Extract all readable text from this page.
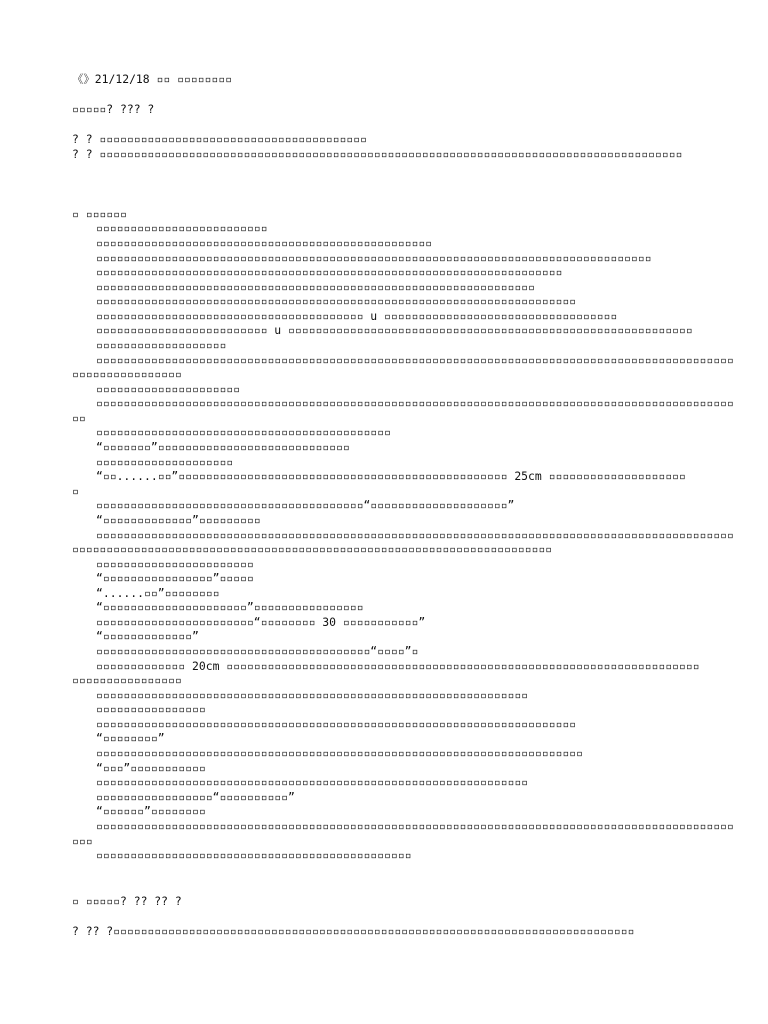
《》21/12/18 ▫▫ ▫▫▫▫▫▫▫▫
▫▫▫▫▫? ??? ?
? ? ▫▫▫▫▫▫▫▫▫▫▫▫▫▫▫▫▫▫▫▫▫▫▫▫▫▫▫▫▫▫▫▫▫▫▫▫▫▫▫
? ? ▫▫▫▫▫▫▫▫▫▫▫▫▫▫▫▫▫▫▫▫▫▫▫▫▫▫▫▫▫▫▫▫▫▫▫▫▫▫▫▫▫▫▫▫▫▫▫▫▫▫▫▫▫▫▫▫▫▫▫▫▫▫▫▫▫▫▫▫▫▫▫▫▫▫▫▫▫▫▫▫▫▫▫▫▫
▫ ▫▫▫▫▫▫
▫▫▫▫▫▫▫▫▫▫▫▫▫▫▫▫▫▫▫▫▫▫▫▫▫
▫▫▫▫▫▫▫▫▫▫▫▫▫▫▫▫▫▫▫▫▫▫▫▫▫▫▫▫▫▫▫▫▫▫▫▫▫▫▫▫▫▫▫▫▫▫▫▫▫
▫▫▫▫▫▫▫▫▫▫▫▫▫▫▫▫▫▫▫▫▫▫▫▫▫▫▫▫▫▫▫▫▫▫▫▫▫▫▫▫▫▫▫▫▫▫▫▫▫▫▫▫▫▫▫▫▫▫▫▫▫▫▫▫▫▫▫▫▫▫▫▫▫▫▫▫▫▫▫▫▫
▫▫▫▫▫▫▫▫▫▫▫▫▫▫▫▫▫▫▫▫▫▫▫▫▫▫▫▫▫▫▫▫▫▫▫▫▫▫▫▫▫▫▫▫▫▫▫▫▫▫▫▫▫▫▫▫▫▫▫▫▫▫▫▫▫▫▫▫
▫▫▫▫▫▫▫▫▫▫▫▫▫▫▫▫▫▫▫▫▫▫▫▫▫▫▫▫▫▫▫▫▫▫▫▫▫▫▫▫▫▫▫▫▫▫▫▫▫▫▫▫▫▫▫▫▫▫▫▫▫▫▫▫
▫▫▫▫▫▫▫▫▫▫▫▫▫▫▫▫▫▫▫▫▫▫▫▫▫▫▫▫▫▫▫▫▫▫▫▫▫▫▫▫▫▫▫▫▫▫▫▫▫▫▫▫▫▫▫▫▫▫▫▫▫▫▫▫▫▫▫▫▫▫
▫▫▫▫▫▫▫▫▫▫▫▫▫▫▫▫▫▫▫▫▫▫▫▫▫▫▫▫▫▫▫▫▫▫▫▫▫▫▫ u ▫▫▫▫▫▫▫▫▫▫▫▫▫▫▫▫▫▫▫▫▫▫▫▫▫▫▫▫▫▫▫▫▫▫
▫▫▫▫▫▫▫▫▫▫▫▫▫▫▫▫▫▫▫▫▫▫▫▫▫ u ▫▫▫▫▫▫▫▫▫▫▫▫▫▫▫▫▫▫▫▫▫▫▫▫▫▫▫▫▫▫▫▫▫▫▫▫▫▫▫▫▫▫▫▫▫▫▫▫▫▫▫▫▫▫▫▫▫▫▫
▫▫▫▫▫▫▫▫▫▫▫▫▫▫▫▫▫▫▫
▫▫▫▫▫▫▫▫▫▫▫▫▫▫▫▫▫▫▫▫▫▫▫▫▫▫▫▫▫▫▫▫▫▫▫▫▫▫▫▫▫▫▫▫▫▫▫▫▫▫▫▫▫▫▫▫▫▫▫▫▫▫▫▫▫▫▫▫▫▫▫▫▫▫▫▫▫▫▫▫▫▫▫▫▫▫▫▫▫▫▫▫▫
▫▫▫▫▫▫▫▫▫▫▫▫▫▫▫▫
▫▫▫▫▫▫▫▫▫▫▫▫▫▫▫▫▫▫▫▫▫
▫▫▫▫▫▫▫▫▫▫▫▫▫▫▫▫▫▫▫▫▫▫▫▫▫▫▫▫▫▫▫▫▫▫▫▫▫▫▫▫▫▫▫▫▫▫▫▫▫▫▫▫▫▫▫▫▫▫▫▫▫▫▫▫▫▫▫▫▫▫▫▫▫▫▫▫▫▫▫▫▫▫▫▫▫▫▫▫▫▫▫▫▫
▫▫
▫▫▫▫▫▫▫▫▫▫▫▫▫▫▫▫▫▫▫▫▫▫▫▫▫▫▫▫▫▫▫▫▫▫▫▫▫▫▫▫▫▫▫
“▫▫▫▫▫▫▫”▫▫▫▫▫▫▫▫▫▫▫▫▫▫▫▫▫▫▫▫▫▫▫▫▫▫▫▫
▫▫▫▫▫▫▫▫▫▫▫▫▫▫▫▫▫▫▫▫
“▫▫......▫▫”▫▫▫▫▫▫▫▫▫▫▫▫▫▫▫▫▫▫▫▫▫▫▫▫▫▫▫▫▫▫▫▫▫▫▫▫▫▫▫▫▫▫▫▫▫▫▫▫ 25cm ▫▫▫▫▫▫▫▫▫▫▫▫▫▫▫▫▫▫▫▫
▫
▫▫▫▫▫▫▫▫▫▫▫▫▫▫▫▫▫▫▫▫▫▫▫▫▫▫▫▫▫▫▫▫▫▫▫▫▫▫▫“▫▫▫▫▫▫▫▫▫▫▫▫▫▫▫▫▫▫▫▫”
“▫▫▫▫▫▫▫▫▫▫▫▫▫”▫▫▫▫▫▫▫▫▫
▫▫▫▫▫▫▫▫▫▫▫▫▫▫▫▫▫▫▫▫▫▫▫▫▫▫▫▫▫▫▫▫▫▫▫▫▫▫▫▫▫▫▫▫▫▫▫▫▫▫▫▫▫▫▫▫▫▫▫▫▫▫▫▫▫▫▫▫▫▫▫▫▫▫▫▫▫▫▫▫▫▫▫▫▫▫▫▫▫▫▫▫▫
▫▫▫▫▫▫▫▫▫▫▫▫▫▫▫▫▫▫▫▫▫▫▫▫▫▫▫▫▫▫▫▫▫▫▫▫▫▫▫▫▫▫▫▫▫▫▫▫▫▫▫▫▫▫▫▫▫▫▫▫▫▫▫▫▫▫▫▫▫▫
▫▫▫▫▫▫▫▫▫▫▫▫▫▫▫▫▫▫▫▫▫▫▫
“▫▫▫▫▫▫▫▫▫▫▫▫▫▫▫▫”▫▫▫▫▫
“......▫▫”▫▫▫▫▫▫▫▫
“▫▫▫▫▫▫▫▫▫▫▫▫▫▫▫▫▫▫▫▫▫”▫▫▫▫▫▫▫▫▫▫▫▫▫▫▫▫
▫▫▫▫▫▫▫▫▫▫▫▫▫▫▫▫▫▫▫▫▫▫▫“▫▫▫▫▫▫▫▫ 30 ▫▫▫▫▫▫▫▫▫▫▫”
“▫▫▫▫▫▫▫▫▫▫▫▫▫”
▫▫▫▫▫▫▫▫▫▫▫▫▫▫▫▫▫▫▫▫▫▫▫▫▫▫▫▫▫▫▫▫▫▫▫▫▫▫▫▫“▫▫▫▫”▫
▫▫▫▫▫▫▫▫▫▫▫▫▫ 20cm ▫▫▫▫▫▫▫▫▫▫▫▫▫▫▫▫▫▫▫▫▫▫▫▫▫▫▫▫▫▫▫▫▫▫▫▫▫▫▫▫▫▫▫▫▫▫▫▫▫▫▫▫▫▫▫▫▫▫▫▫▫▫▫▫▫▫▫▫▫
▫▫▫▫▫▫▫▫▫▫▫▫▫▫▫▫
▫▫▫▫▫▫▫▫▫▫▫▫▫▫▫▫▫▫▫▫▫▫▫▫▫▫▫▫▫▫▫▫▫▫▫▫▫▫▫▫▫▫▫▫▫▫▫▫▫▫▫▫▫▫▫▫▫▫▫▫▫▫▫
▫▫▫▫▫▫▫▫▫▫▫▫▫▫▫▫
▫▫▫▫▫▫▫▫▫▫▫▫▫▫▫▫▫▫▫▫▫▫▫▫▫▫▫▫▫▫▫▫▫▫▫▫▫▫▫▫▫▫▫▫▫▫▫▫▫▫▫▫▫▫▫▫▫▫▫▫▫▫▫▫▫▫▫▫▫▫
“▫▫▫▫▫▫▫▫”
▫▫▫▫▫▫▫▫▫▫▫▫▫▫▫▫▫▫▫▫▫▫▫▫▫▫▫▫▫▫▫▫▫▫▫▫▫▫▫▫▫▫▫▫▫▫▫▫▫▫▫▫▫▫▫▫▫▫▫▫▫▫▫▫▫▫▫▫▫▫▫
“▫▫▫”▫▫▫▫▫▫▫▫▫▫▫
▫▫▫▫▫▫▫▫▫▫▫▫▫▫▫▫▫▫▫▫▫▫▫▫▫▫▫▫▫▫▫▫▫▫▫▫▫▫▫▫▫▫▫▫▫▫▫▫▫▫▫▫▫▫▫▫▫▫▫▫▫▫▫
▫▫▫▫▫▫▫▫▫▫▫▫▫▫▫▫▫“▫▫▫▫▫▫▫▫▫▫”
“▫▫▫▫▫▫”▫▫▫▫▫▫▫▫
▫▫▫▫▫▫▫▫▫▫▫▫▫▫▫▫▫▫▫▫▫▫▫▫▫▫▫▫▫▫▫▫▫▫▫▫▫▫▫▫▫▫▫▫▫▫▫▫▫▫▫▫▫▫▫▫▫▫▫▫▫▫▫▫▫▫▫▫▫▫▫▫▫▫▫▫▫▫▫▫▫▫▫▫▫▫▫▫▫▫▫▫▫
▫▫▫
▫▫▫▫▫▫▫▫▫▫▫▫▫▫▫▫▫▫▫▫▫▫▫▫▫▫▫▫▫▫▫▫▫▫▫▫▫▫▫▫▫▫▫▫▫▫
▫ ▫▫▫▫▫? ?? ?? ?
? ?? ?▫▫▫▫▫▫▫▫▫▫▫▫▫▫▫▫▫▫▫▫▫▫▫▫▫▫▫▫▫▫▫▫▫▫▫▫▫▫▫▫▫▫▫▫▫▫▫▫▫▫▫▫▫▫▫▫▫▫▫▫▫▫▫▫▫▫▫▫▫▫▫▫▫▫▫▫
